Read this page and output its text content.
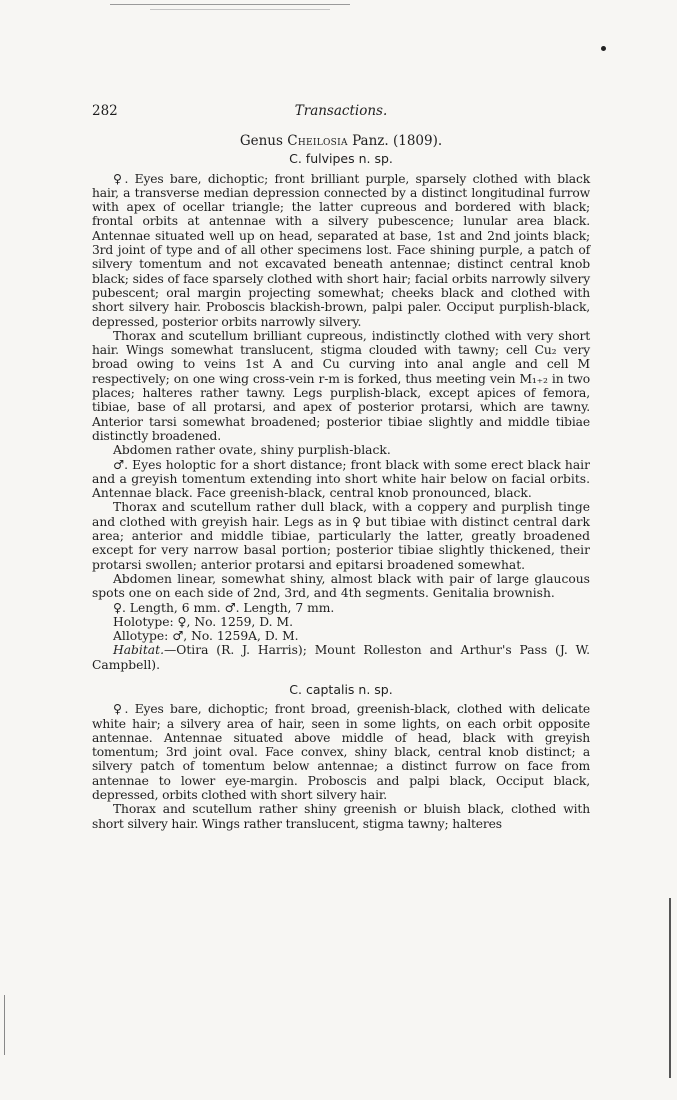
282	Transactions.
Genus Cheilosia Panz. (1809).
C. fulvipes n. sp.

♀. Eyes bare, dichoptic; front brilliant purple, sparsely clothed with black hair, a transverse median depression connected by a distinct longitudinal furrow with apex of ocellar triangle; the latter cupreous and bordered with black; frontal orbits at antennae with a silvery pubescence; lunular area black. Antennae situated well up on head, separated at base, 1st and 2nd joints black; 3rd joint of type and of all other specimens lost. Face shining purple, a patch of silvery tomentum and not excavated beneath antennae; distinct central knob black; sides of face sparsely clothed with short hair; facial orbits narrowly silvery pubescent; oral margin projecting somewhat; cheeks black and clothed with short silvery hair. Proboscis blackish-brown, palpi paler. Occiput purplish-black, depressed, posterior orbits narrowly silvery.

Thorax and scutellum brilliant cupreous, indistinctly clothed with very short hair. Wings somewhat translucent, stigma clouded with tawny; cell Cu₂ very broad owing to veins 1st A and Cu curving into anal angle and cell M respectively; on one wing cross-vein r-m is forked, thus meeting vein M₁₊₂ in two places; halteres rather tawny. Legs purplish-black, except apices of femora, tibiae, base of all protarsi, and apex of posterior protarsi, which are tawny. Anterior tarsi somewhat broadened; posterior tibiae slightly and middle tibiae distinctly broadened.

Abdomen rather ovate, shiny purplish-black.

♂. Eyes holoptic for a short distance; front black with some erect black hair and a greyish tomentum extending into short white hair below on facial orbits. Antennae black. Face greenish-black, central knob pronounced, black.

Thorax and scutellum rather dull black, with a coppery and purplish tinge and clothed with greyish hair. Legs as in ♀ but tibiae with distinct central dark area; anterior and middle tibiae, particularly the latter, greatly broadened except for very narrow basal portion; posterior tibiae slightly thickened, their protarsi swollen; anterior protarsi and epitarsi broadened somewhat.

Abdomen linear, somewhat shiny, almost black with pair of large glaucous spots one on each side of 2nd, 3rd, and 4th segments. Genitalia brownish.

♀. Length, 6 mm. ♂. Length, 7 mm.
Holotype: ♀, No. 1259, D. M.
Allotype: ♂, No. 1259A, D. M.

Habitat.—Otira (R. J. Harris); Mount Rolleston and Arthur's Pass (J. W. Campbell).

C. captalis n. sp.

♀. Eyes bare, dichoptic; front broad, greenish-black, clothed with delicate white hair; a silvery area of hair, seen in some lights, on each orbit opposite antennae. Antennae situated above middle of head, black with greyish tomentum; 3rd joint oval. Face convex, shiny black, central knob distinct; a silvery patch of tomentum below antennae; a distinct furrow on face from antennae to lower eye-margin. Proboscis and palpi black, Occiput black, depressed, orbits clothed with short silvery hair.

Thorax and scutellum rather shiny greenish or bluish black, clothed with short silvery hair. Wings rather translucent, stigma tawny; halteres
